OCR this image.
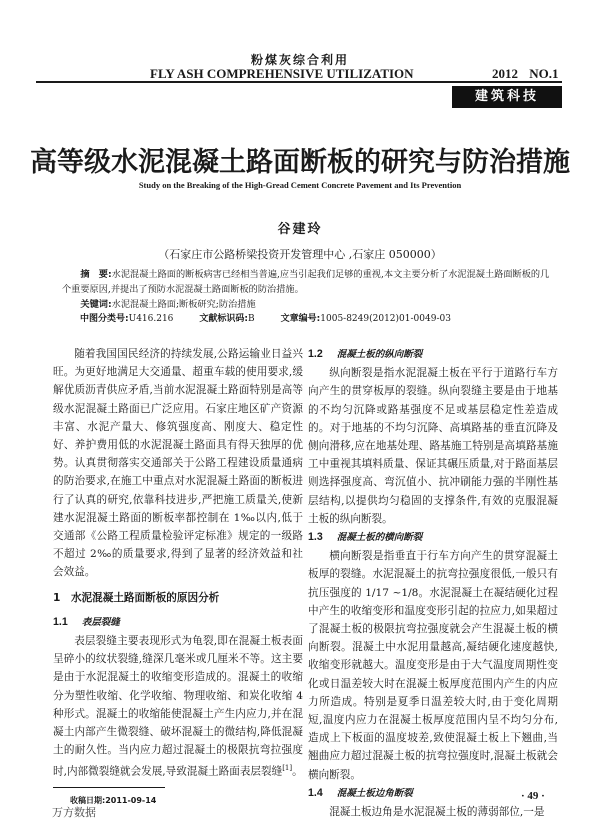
粉煤灰综合利用
FLY ASH COMPREHENSIVE UTILIZATION	2012 NO.1
建筑科技
高等级水泥混凝土路面断板的研究与防治措施
Study on the Breaking of the High-Gread Cement Concrete Pavement and Its Prevention
谷建玲
（石家庄市公路桥梁投资开发管理中心 ,石家庄 050000）
摘　要:水泥混凝土路面的断板病害已经相当普遍,应当引起我们足够的重视,本文主要分析了水泥混凝土路面断板的几个重要原因,并提出了预防水泥混凝土路面断板的防治措施。
关键词:水泥混凝土路面;断板研究;防治措施
中图分类号:U416.216	文献标识码:B	文章编号:1005-8249(2012)01-0049-03

随着我国国民经济的持续发展,公路运输业日益兴旺。为更好地满足大交通量、超重车载的使用要求,缓解优质沥青供应矛盾,当前水泥混凝土路面特别是高等级水泥混凝土路面已广泛应用。石家庄地区矿产资源丰富、水泥产量大、修筑强度高、刚度大、稳定性好、养护费用低的水泥混凝土路面具有得天独厚的优势。认真贯彻落实交通部关于公路工程建设质量通病的防治要求,在施工中重点对水泥混凝土路面的断板进行了认真的研究,依靠科技进步,严把施工质量关,使新建水泥混凝土路面的断板率都控制在 1‰以内,低于交通部《公路工程质量检验评定标准》规定的一级路不超过 2‰的质量要求,得到了显著的经济效益和社会效益。

1　水泥混凝土路面断板的原因分析
1.1 表层裂缝

表层裂缝主要表现形式为龟裂,即在混凝土板表面呈碎小的纹状裂缝,缝深几毫米或几厘米不等。这主要是由于水泥混凝土的收缩变形造成的。混凝土的收缩分为塑性收缩、化学收缩、物理收缩、和炭化收缩 4 种形式。混凝土的收缩能使混凝土产生内应力,并在混凝土内部产生微裂缝、破坏混凝土的微结构,降低混凝土的耐久性。当内应力超过混凝土的极限抗弯拉强度时,内部微裂缝就会发展,导致混凝土路面表层裂缝[1]。

1.2 混凝土板的纵向断裂

纵向断裂是指水泥混凝土板在平行于道路行车方向产生的贯穿板厚的裂缝。纵向裂缝主要是由于地基的不均匀沉降或路基强度不足或基层稳定性差造成的。对于地基的不均匀沉降、高填路基的垂直沉降及侧向滑移,应在地基处理、路基施工特别是高填路基施工中重视其填料质量、保证其碾压质量,对于路面基层则选择强度高、弯沉值小、抗冲刷能力强的半刚性基层结构,以提供均匀稳固的支撑条件,有效的克服混凝土板的纵向断裂。

1.3 混凝土板的横向断裂

横向断裂是指垂直于行车方向产生的贯穿混凝土板厚的裂缝。水泥混凝土的抗弯拉强度很低,一般只有抗压强度的 1/17 ~1/8。水泥混凝土在凝结硬化过程中产生的收缩变形和温度变形引起的拉应力,如果超过了混凝土板的极限抗弯拉强度就会产生混凝土板的横向断裂。混凝土中水泥用量越高,凝结硬化速度越快,收缩变形就越大。温度变形是由于大气温度周期性变化或日温差较大时在混凝土板厚度范围内产生的内应力所造成。特别是夏季日温差较大时,由于变化周期短,温度内应力在混凝土板厚度范围内呈不均匀分布,造成上下板面的温度坡差,致使混凝土板上下翘曲,当翘曲应力超过混凝土板的抗弯拉强度时,混凝土板就会横向断裂。

1.4 混凝土板边角断裂

混凝土板边角是水泥混凝土板的薄弱部位,一是

收稿日期:2011-09-14	· 49 ·
万方数据
